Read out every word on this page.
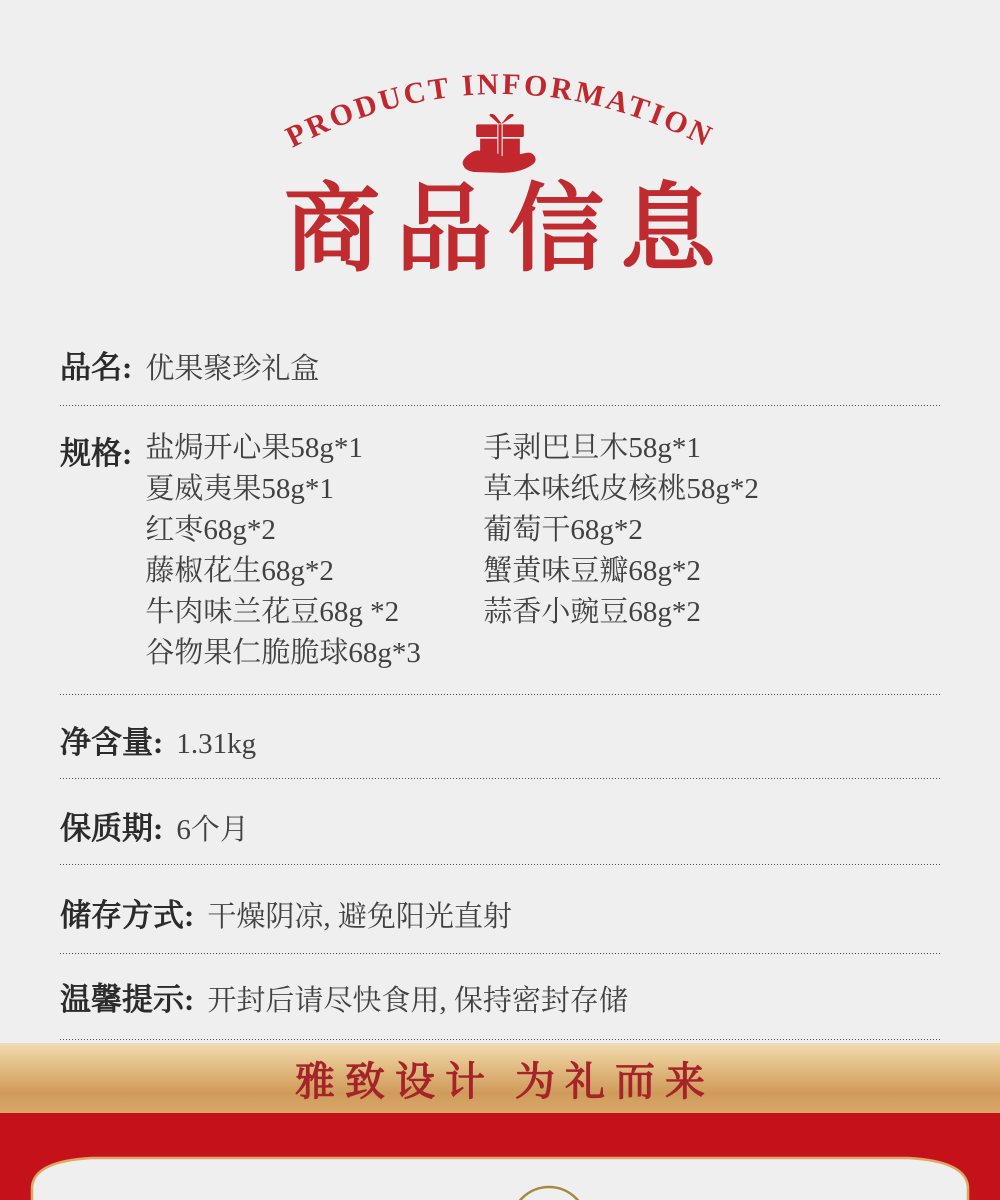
PRODUCT INFORMATION
商品信息
品名: 优果聚珍礼盒
规格: 盐焗开心果58g*1
夏威夷果58g*1
红枣68g*2
藤椒花生68g*2
牛肉味兰花豆68g *2
谷物果仁脆脆球68g*3
手剥巴旦木58g*1
草本味纸皮核桃58g*2
葡萄干68g*2
蟹黄味豆瓣68g*2
蒜香小豌豆68g*2
净含量: 1.31kg
保质期: 6个月
储存方式: 干燥阴凉, 避免阳光直射
温馨提示: 开封后请尽快食用, 保持密封存储
雅致设计 为礼而来
